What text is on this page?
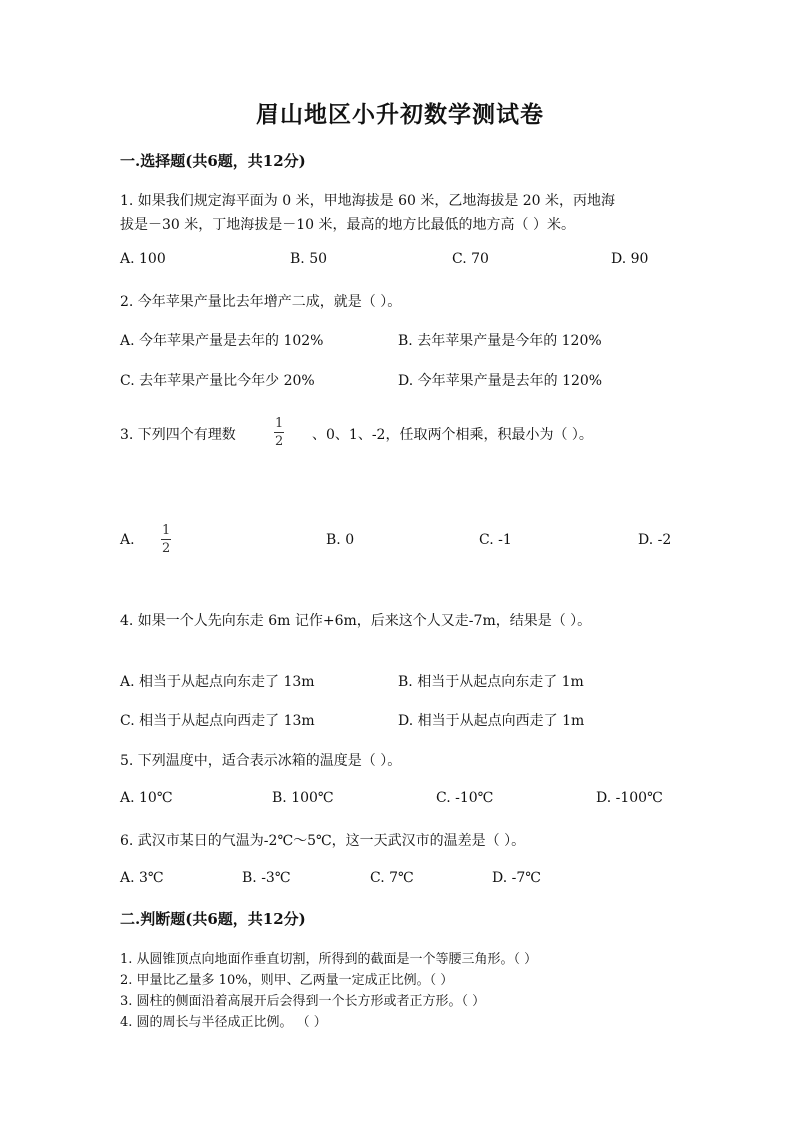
眉山地区小升初数学测试卷
一.选择题(共6题，共12分)
1. 如果我们规定海平面为 0 米，甲地海拔是 60 米，乙地海拔是 20 米，丙地海
拔是－30 米，丁地海拔是－10 米，最高的地方比最低的地方高（ ）米。
A. 100	B. 50	C. 70	D. 90
2. 今年苹果产量比去年增产二成，就是（ ）。
A. 今年苹果产量是去年的 102%	B. 去年苹果产量是今年的 120%
C. 去年苹果产量比今年少 20%	D. 今年苹果产量是去年的 120%
3. 下列四个有理数
1
2 、0、1、-2，任取两个相乘，积最小为（ ）。
A.
1
2
B. 0	C. -1	D. -2
4. 如果一个人先向东走 6m 记作+6m，后来这个人又走-7m，结果是（ ）。
A. 相当于从起点向东走了 13m	B. 相当于从起点向东走了 1m
C. 相当于从起点向西走了 13m	D. 相当于从起点向西走了 1m
5. 下列温度中，适合表示冰箱的温度是（ ）。
A. 10℃	B. 100℃	C. -10℃	D. -100℃
6. 武汉市某日的气温为-2℃～5℃，这一天武汉市的温差是（ ）。
A. 3℃	B. -3℃	C. 7℃	D. -7℃
二.判断题(共6题，共12分)
1. 从圆锥顶点向地面作垂直切割，所得到的截面是一个等腰三角形。（ ）
2. 甲量比乙量多 10%，则甲、乙两量一定成正比例。（ ）
3. 圆柱的侧面沿着高展开后会得到一个长方形或者正方形。（ ）
4. 圆的周长与半径成正比例。 （ ）
